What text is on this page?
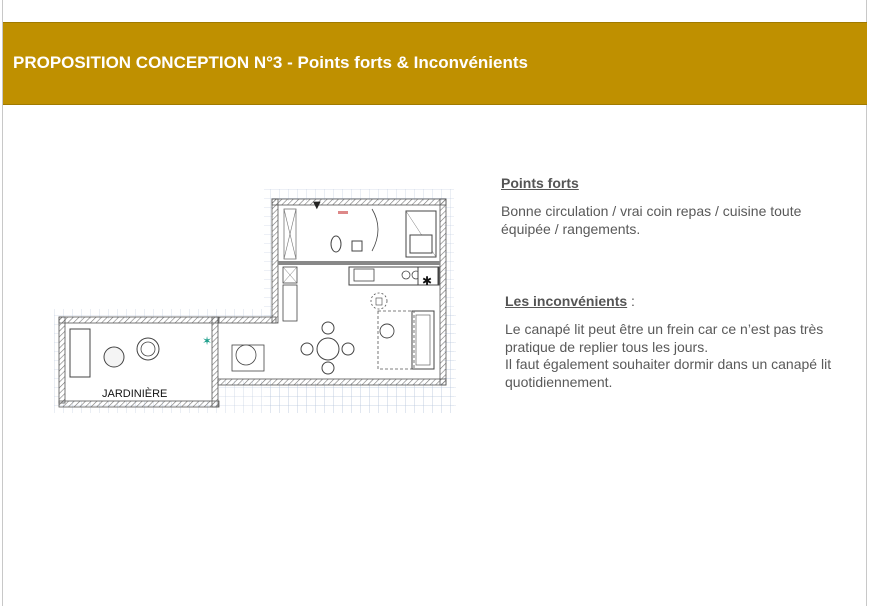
PROPOSITION CONCEPTION N°3 - Points forts & Inconvénients
✶
✱
▼
JARDINIÈRE
Points forts

Bonne circulation / vrai coin repas / cuisine toute équipée / rangements.

Les inconvénients :

Le canapé lit peut être un frein car ce n’est pas très pratique de replier tous les jours.

Il faut également souhaiter dormir dans un canapé lit quotidiennement.
